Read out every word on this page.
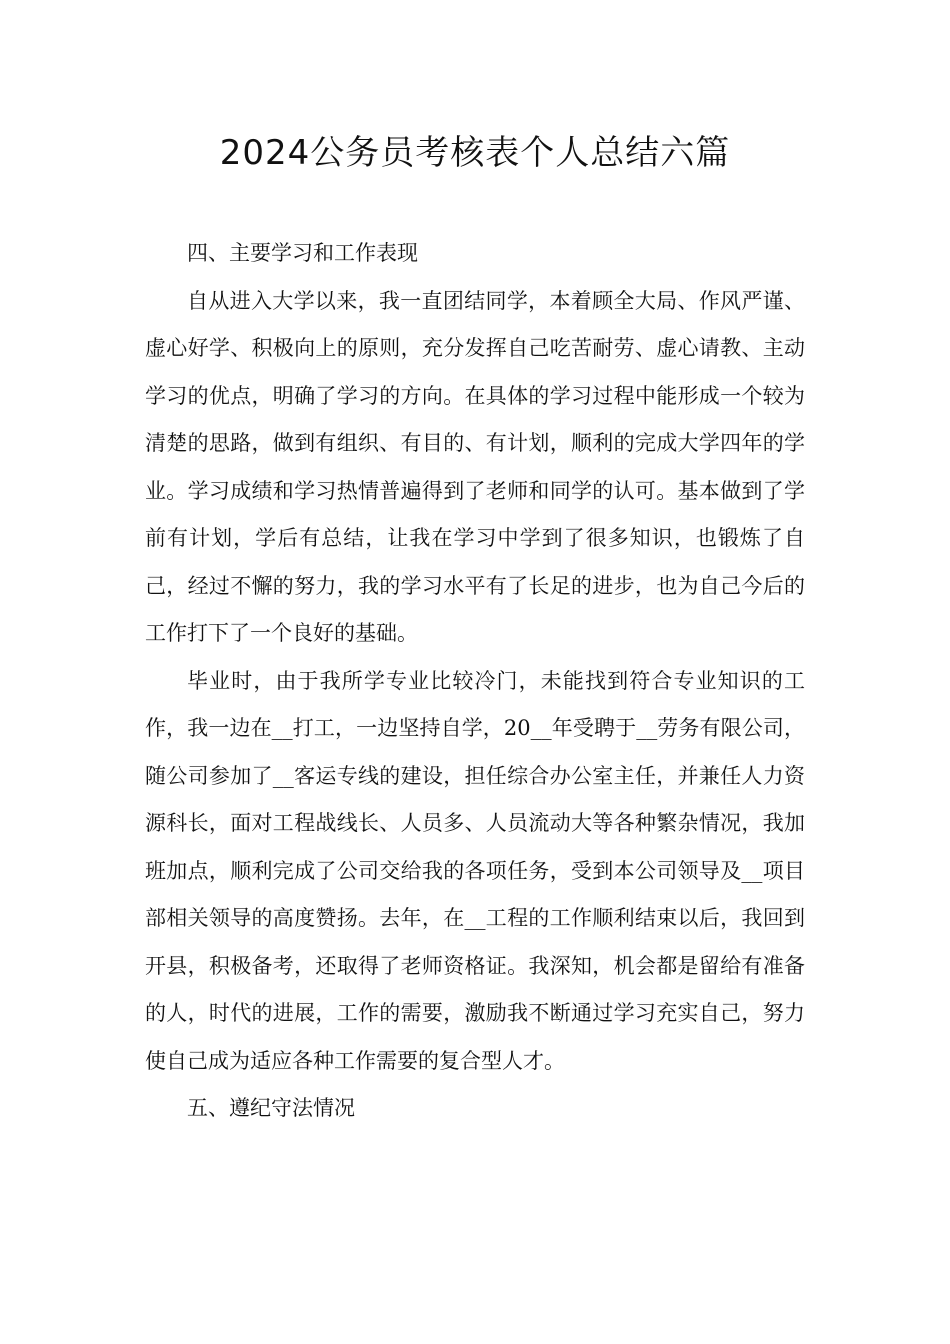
2024公务员考核表个人总结六篇

四、主要学习和工作表现

自从进入大学以来，我一直团结同学，本着顾全大局、作风严谨、虚心好学、积极向上的原则，充分发挥自己吃苦耐劳、虚心请教、主动学习的优点，明确了学习的方向。在具体的学习过程中能形成一个较为清楚的思路，做到有组织、有目的、有计划，顺利的完成大学四年的学业。学习成绩和学习热情普遍得到了老师和同学的认可。基本做到了学前有计划，学后有总结，让我在学习中学到了很多知识，也锻炼了自己，经过不懈的努力，我的学习水平有了长足的进步，也为自己今后的工作打下了一个良好的基础。

毕业时，由于我所学专业比较冷门，未能找到符合专业知识的工作，我一边在__打工，一边坚持自学，20__年受聘于__劳务有限公司，随公司参加了__客运专线的建设，担任综合办公室主任，并兼任人力资源科长，面对工程战线长、人员多、人员流动大等各种繁杂情况，我加班加点，顺利完成了公司交给我的各项任务，受到本公司领导及__项目部相关领导的高度赞扬。去年，在__工程的工作顺利结束以后，我回到开县，积极备考，还取得了老师资格证。我深知，机会都是留给有准备的人，时代的进展，工作的需要，激励我不断通过学习充实自己，努力使自己成为适应各种工作需要的复合型人才。

五、遵纪守法情况
